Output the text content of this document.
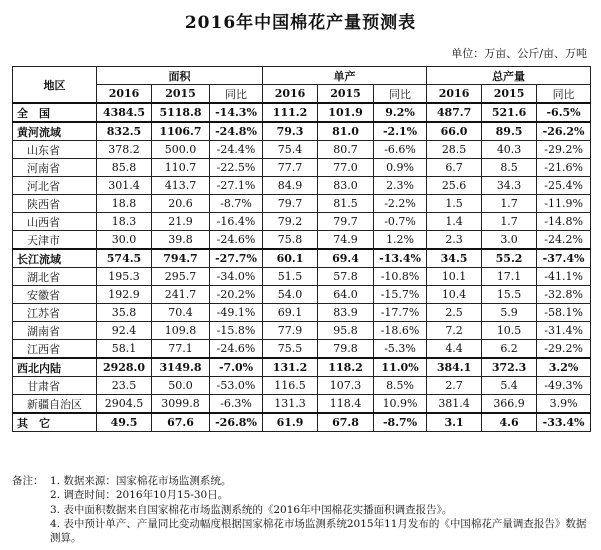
2016年中国棉花产量预测表
单位：万亩、公斤/亩、万吨
地区	面积			单产			总产量		
	2016	2015	同比	2016	2015	同比	2016	2015	同比
全　国	4384.5	5118.8	-14.3%	111.2	101.9	9.2%	487.7	521.6	-6.5%
黄河流域	832.5	1106.7	-24.8%	79.3	81.0	-2.1%	66.0	89.5	-26.2%
山东省	378.2	500.0	-24.4%	75.4	80.7	-6.6%	28.5	40.3	-29.2%
河南省	85.8	110.7	-22.5%	77.7	77.0	0.9%	6.7	8.5	-21.6%
河北省	301.4	413.7	-27.1%	84.9	83.0	2.3%	25.6	34.3	-25.4%
陕西省	18.8	20.6	-8.7%	79.7	81.5	-2.2%	1.5	1.7	-11.9%
山西省	18.3	21.9	-16.4%	79.2	79.7	-0.7%	1.4	1.7	-14.8%
天津市	30.0	39.8	-24.6%	75.8	74.9	1.2%	2.3	3.0	-24.2%
长江流域	574.5	794.7	-27.7%	60.1	69.4	-13.4%	34.5	55.2	-37.4%
湖北省	195.3	295.7	-34.0%	51.5	57.8	-10.8%	10.1	17.1	-41.1%
安徽省	192.9	241.7	-20.2%	54.0	64.0	-15.7%	10.4	15.5	-32.8%
江苏省	35.8	70.4	-49.1%	69.1	83.9	-17.7%	2.5	5.9	-58.1%
湖南省	92.4	109.8	-15.8%	77.9	95.8	-18.6%	7.2	10.5	-31.4%
江西省	58.1	77.1	-24.6%	75.5	79.8	-5.3%	4.4	6.2	-29.2%
西北内陆	2928.0	3149.8	-7.0%	131.2	118.2	11.0%	384.1	372.3	3.2%
甘肃省	23.5	50.0	-53.0%	116.5	107.3	8.5%	2.7	5.4	-49.3%
新疆自治区	2904.5	3099.8	-6.3%	131.3	118.4	10.9%	381.4	366.9	3.9%
其　它	49.5	67.6	-26.8%	61.9	67.8	-8.7%	3.1	4.6	-33.4%
备注： 1. 数据来源：国家棉花市场监测系统。
2. 调查时间：2016年10月15-30日。
3. 表中面积数据来自国家棉花市场监测系统的《2016年中国棉花实播面积调查报告》。
4. 表中预计单产、产量同比变动幅度根据国家棉花市场监测系统2015年11月发布的《中国棉花产量调查报告》数据测算。
